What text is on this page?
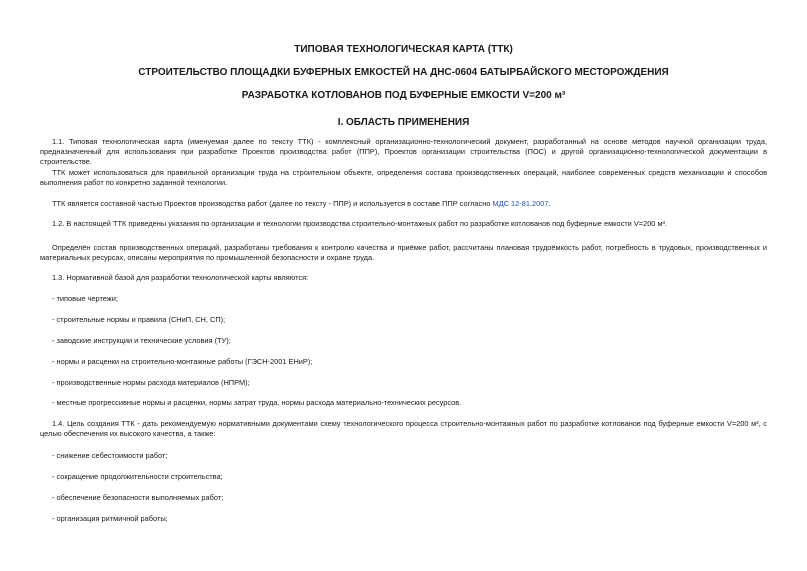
ТИПОВАЯ ТЕХНОЛОГИЧЕСКАЯ КАРТА (ТТК)
СТРОИТЕЛЬСТВО ПЛОЩАДКИ БУФЕРНЫХ ЕМКОСТЕЙ НА ДНС-0604 БАТЫРБАЙСКОГО МЕСТОРОЖДЕНИЯ
РАЗРАБОТКА КОТЛОВАНОВ ПОД БУФЕРНЫЕ ЕМКОСТИ V=200 м³
I. ОБЛАСТЬ ПРИМЕНЕНИЯ
1.1. Типовая технологическая карта (именуемая далее по тексту ТТК) - комплексный организационно-технологический документ, разработанный на основе методов научной организации труда, предназначенный для использования при разработке Проектов производства работ (ППР), Проектов организации строительства (ПОС) и другой организационно-технологической документации в строительстве.
ТТК может использоваться для правильной организации труда на строительном объекте, определения состава производственных операций, наиболее современных средств механизации и способов выполнения работ по конкретно заданной технологии.
ТТК является составной частью Проектов производства работ (далее по тексту - ППР) и используется в составе ППР согласно МДС 12-81.2007.
1.2. В настоящей ТТК приведены указания по организации и технологии производства строительно-монтажных работ по разработке котлованов под буферные емкости V=200 м³.
Определён состав производственных операций, разработаны требования к контролю качества и приёмке работ, рассчитаны плановая трудоёмкость работ, потребность в трудовых, производственных и материальных ресурсах, описаны мероприятия по промышленной безопасности и охране труда.
1.3. Нормативной базой для разработки технологической карты являются:
- типовые чертежи;
- строительные нормы и правила (СНиП, СН, СП);
- заводские инструкции и технические условия (ТУ);
- нормы и расценки на строительно-монтажные работы (ГЭСН-2001 ЕНиР);
- производственные нормы расхода материалов (НПРМ);
- местные прогрессивные нормы и расценки, нормы затрат труда, нормы расхода материально-технических ресурсов.
1.4. Цель создания ТТК - дать рекомендуемую нормативными документами схему технологического процесса строительно-монтажных работ по разработке котлованов под буферные емкости V=200 м³, с целью обеспечения их высокого качества, а также:
- снижение себестоимости работ;
- сокращение продолжительности строительства;
- обеспечение безопасности выполняемых работ;
- организация ритмичной работы;
